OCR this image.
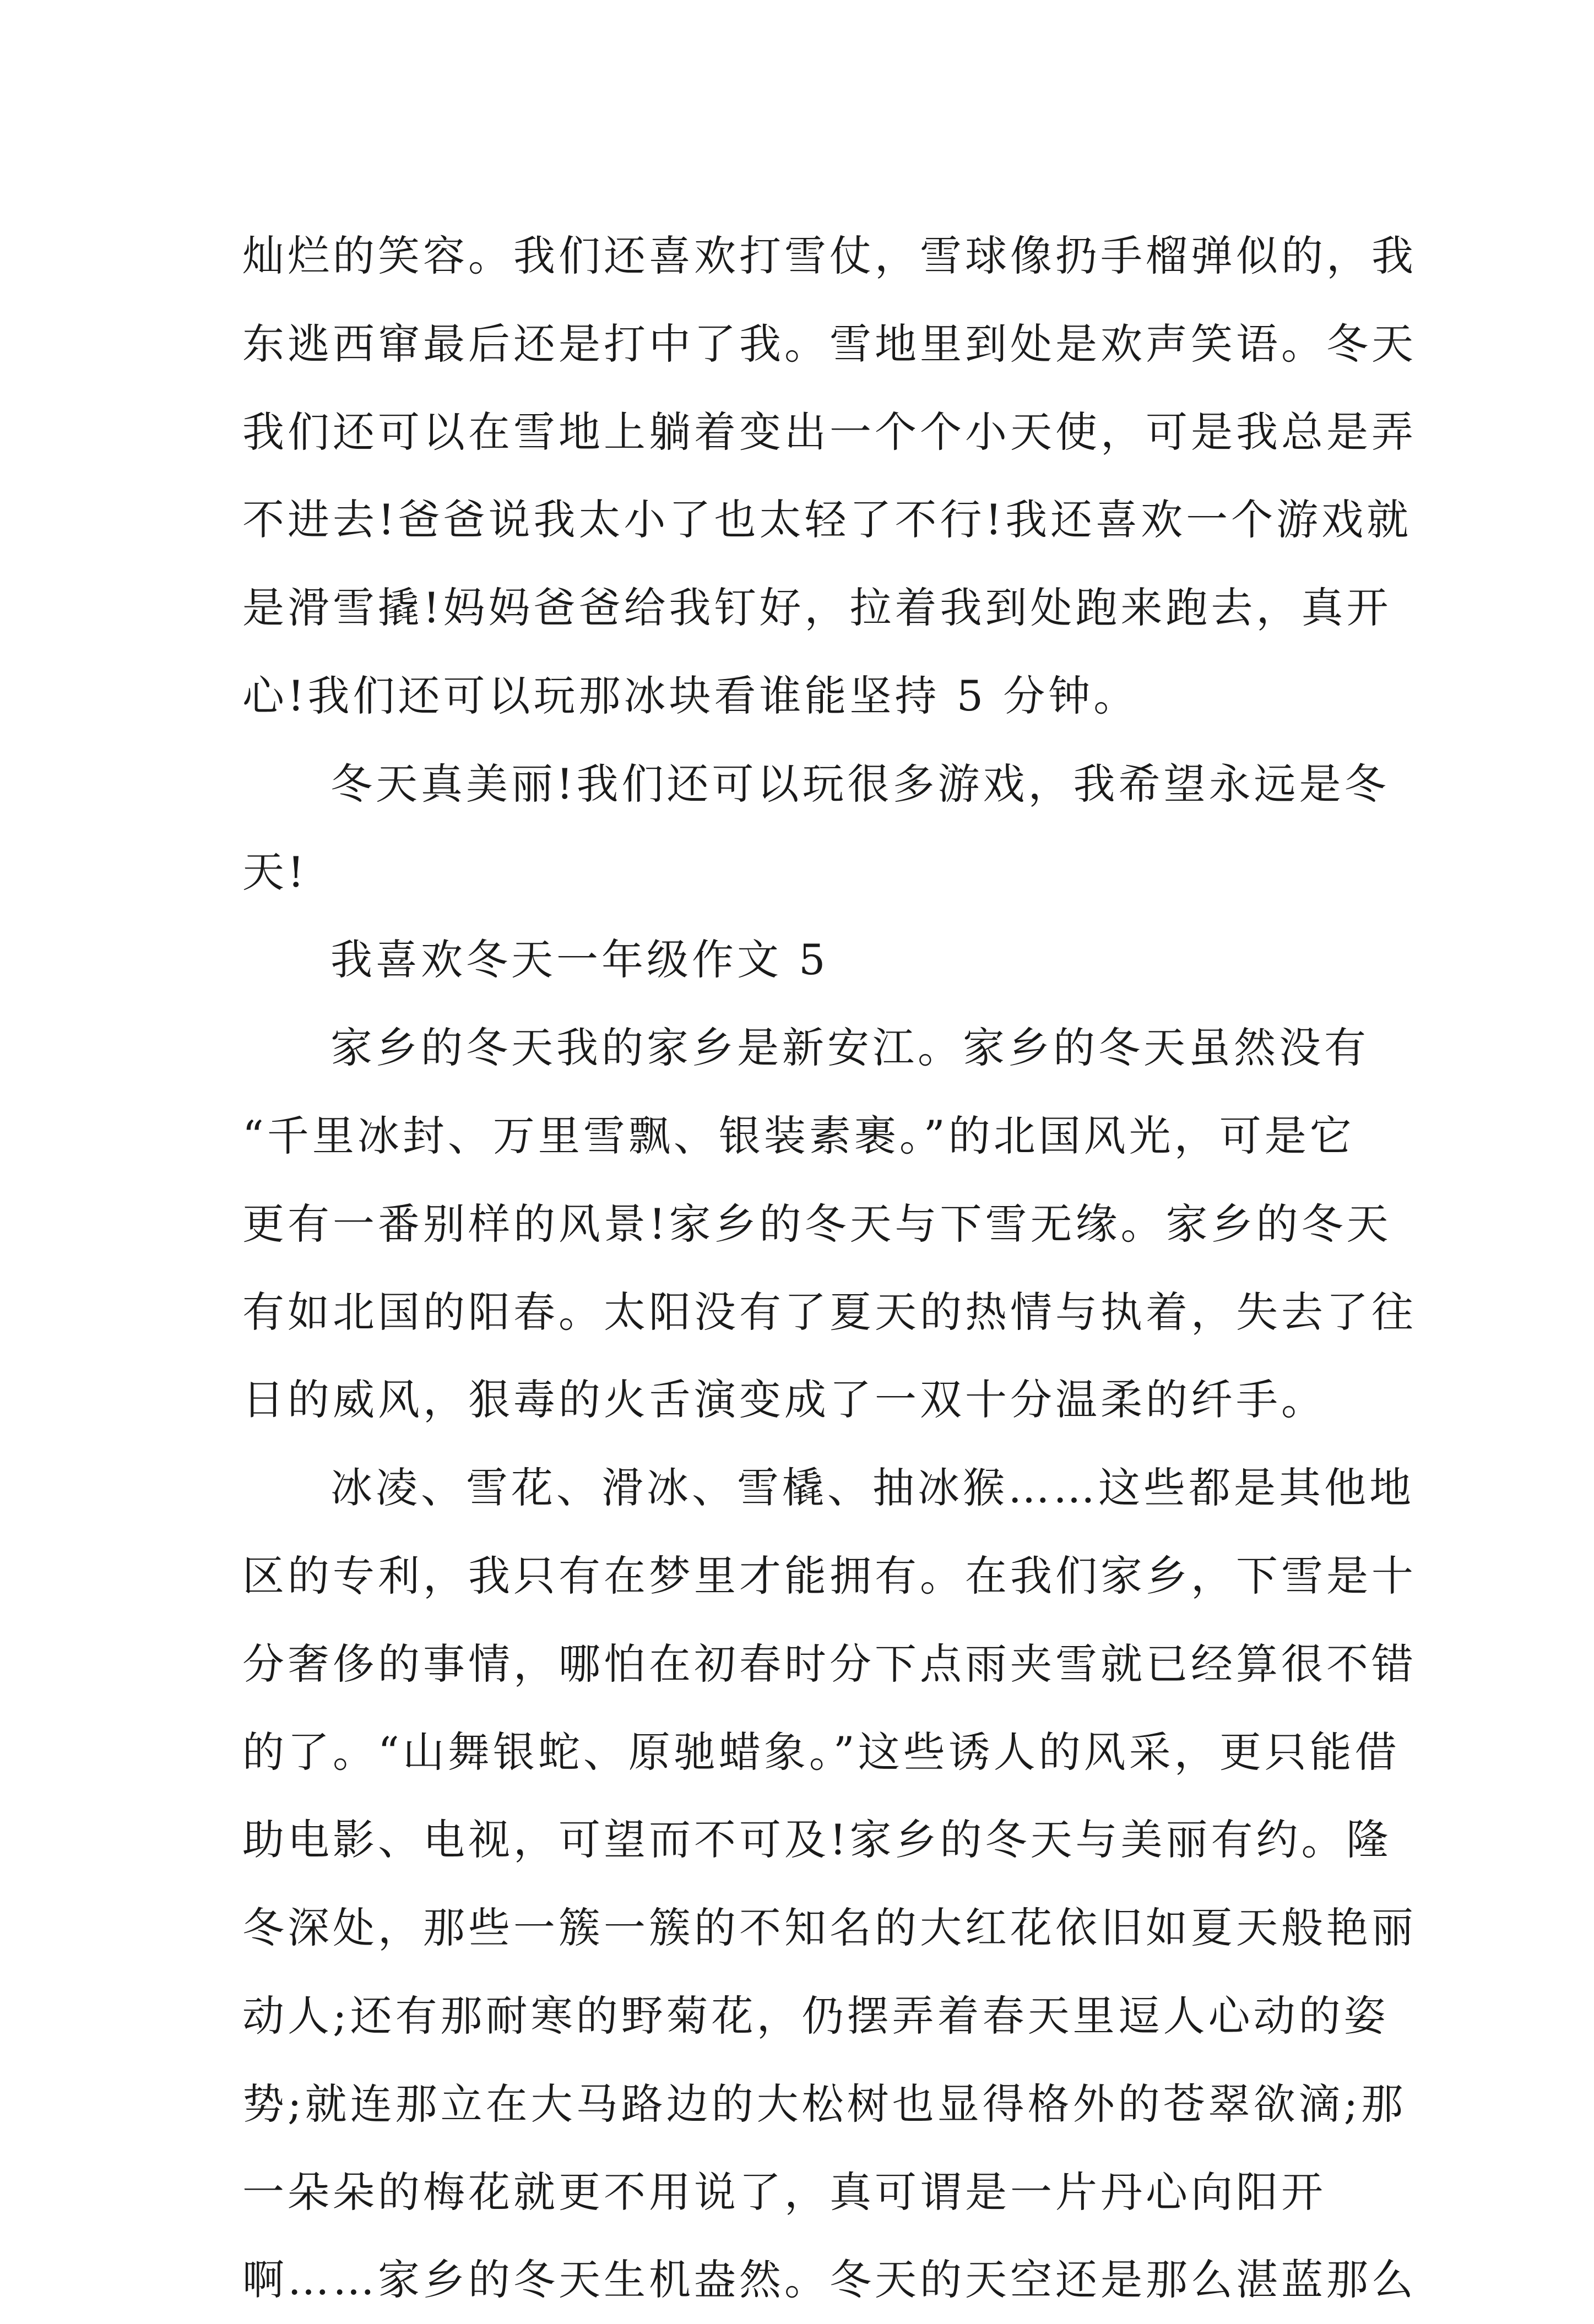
灿烂的笑容。我们还喜欢打雪仗，雪球像扔手榴弹似的，我
东逃西窜最后还是打中了我。雪地里到处是欢声笑语。冬天
我们还可以在雪地上躺着变出一个个小天使，可是我总是弄
不进去!爸爸说我太小了也太轻了不行!我还喜欢一个游戏就
是滑雪撬!妈妈爸爸给我钉好，拉着我到处跑来跑去，真开
心!我们还可以玩那冰块看谁能坚持 5 分钟。
冬天真美丽!我们还可以玩很多游戏，我希望永远是冬
天!
我喜欢冬天一年级作文 5
家乡的冬天我的家乡是新安江。家乡的冬天虽然没有
“千里冰封、万里雪飘、银装素裹。”的北国风光，可是它
更有一番别样的风景!家乡的冬天与下雪无缘。家乡的冬天
有如北国的阳春。太阳没有了夏天的热情与执着，失去了往
日的威风，狠毒的火舌演变成了一双十分温柔的纤手。
冰凌、雪花、滑冰、雪橇、抽冰猴……这些都是其他地
区的专利，我只有在梦里才能拥有。在我们家乡，下雪是十
分奢侈的事情，哪怕在初春时分下点雨夹雪就已经算很不错
的了。“山舞银蛇、原驰蜡象。”这些诱人的风采，更只能借
助电影、电视，可望而不可及!家乡的冬天与美丽有约。隆
冬深处，那些一簇一簇的不知名的大红花依旧如夏天般艳丽
动人;还有那耐寒的野菊花，仍摆弄着春天里逗人心动的姿
势;就连那立在大马路边的大松树也显得格外的苍翠欲滴;那
一朵朵的梅花就更不用说了，真可谓是一片丹心向阳开
啊……家乡的冬天生机盎然。冬天的天空还是那么湛蓝那么
